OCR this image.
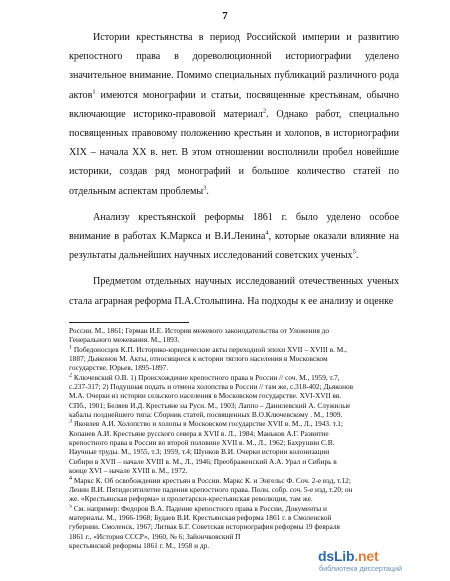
7

Истории крестьянства в период Российской империи и развитию крепостного права в дореволюционной историографии уделено значительное внимание. Помимо специальных публикаций различного рода актов$^1$ имеются монографии и статьи, посвященные крестьянам, обычно включающие историко-правовой материал$^2$. Однако работ, специально посвященных правовому положению крестьян и холопов, в историографии XIX – начала XX в. нет. В этом отношении восполнили пробел новейшие историки, создав ряд монографий и большое количество статей по отдельным аспектам проблемы$^3$.

Анализу крестьянской реформы 1861 г. было уделено особое внимание в работах К.Маркса и В.И.Ленина$^4$, которые оказали влияние на результаты дальнейших научных исследований советских ученых$^5$.

Предметом отдельных научных исследований отечественных ученых стала аграрная реформа П.А.Столыпина. На подходы к ее анализу и оценке

России. М., 1861; Герман И.Е. История межевого законодательства от Уложения до
Генерального межевания. М., 1893.
$^1$ Победоносцев К.П. Историко-юридические акты переходной эпохи XVII – XVIII в. М.,
1887; Дьяконов М. Акты, относящиеся к истории тяглого населения в Московском
государстве. Юрьев, 1895-1897.
$^2$ Ключевский О.В. 1) Происхождение крепостного права в России // соч. М., 1959, т.7,
с.237-317; 2) Подушная подать и отмена холопства в России // там же, с.318-402; Дьяконов
М.А. Очерки из истории сельского населения в Московском государстве. XVI-XVII вв.
СПб., 1901; Беляев И.Д. Крестьяне на Руси. М., 1903; Лаппо – Данилевский А. Служилые
кабалы позднейшего типа: Сборник статей, посвященных В.О.Ключевскому . М., 1909.
$^3$ Яковлев А.И. Холопство и холопы в Московском государстве XVII в. М., Л., 1943. т.1;
Копанев А.И. Крестьяне русского севера в XVII в. Л., 1984; Маньков А.Г. Развитие
крепостного права в России во второй половине XVII в. М., Л., 1962; Бахрушин С.В.
Научные труды. М., 1955, т.3; 1959, т.4; Шунков В.И. Очерки истории колонизации
Сибири в XVII – начале XVIII в. М., Л., 1946; Преображенский А.А. Урал и Сибирь в
конце XVI – начале XVIII в. М., 1972.
$^4$ Маркс К. Об освобождении крестьян в России. Маркс К. и Энгельс Ф. Соч. 2-е изд, т.12;
Ленин В.И. Пятидесятилетие падения крепостного права. Полн. собр. соч. 5-е изд, т.20; он
же. «Крестьянская реформа» и пролетарски-крестьянская революция, там же.
$^5$ См. например: Федоров В.А. Падение крепостного права в России, Документы и
материалы. М., 1966-1968; Будаев В.И. Крестьянская реформа 1861 г. в Смоленской
губернии. Смоленск, 1967; Литвак Б.Г. Советская историография реформы 19 февраля
1861 г., «История СССР», 1960, № 6; Зайончковский П
крестьянской реформы 1861 г. М., 1958 и др.
dsLib.net
библиотека диссертаций
